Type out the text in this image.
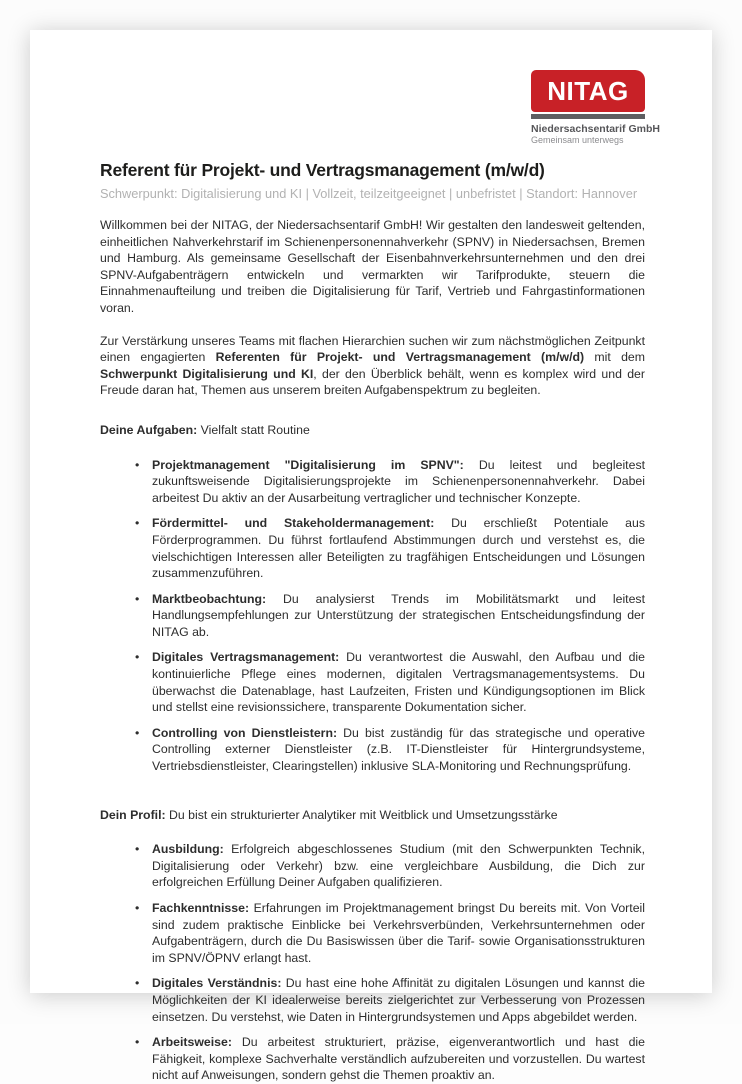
NITAG
Niedersachsentarif GmbH
Gemeinsam unterwegs
Referent für Projekt- und Vertragsmanagement (m/w/d)
Schwerpunkt: Digitalisierung und KI | Vollzeit, teilzeitgeeignet | unbefristet | Standort: Hannover

Willkommen bei der NITAG, der Niedersachsentarif GmbH! Wir gestalten den landesweit geltenden, einheitlichen Nahverkehrstarif im Schienenpersonennahverkehr (SPNV) in Niedersachsen, Bremen und Hamburg. Als gemeinsame Gesellschaft der Eisenbahnverkehrsunternehmen und den drei SPNV-Aufgabenträgern entwickeln und vermarkten wir Tarifprodukte, steuern die Einnahmenaufteilung und treiben die Digitalisierung für Tarif, Vertrieb und Fahrgastinformationen voran.

Zur Verstärkung unseres Teams mit flachen Hierarchien suchen wir zum nächstmöglichen Zeitpunkt einen engagierten Referenten für Projekt- und Vertragsmanagement (m/w/d) mit dem Schwerpunkt Digitalisierung und KI, der den Überblick behält, wenn es komplex wird und der Freude daran hat, Themen aus unserem breiten Aufgabenspektrum zu begleiten.

Deine Aufgaben: Vielfalt statt Routine
• Projektmanagement "Digitalisierung im SPNV": Du leitest und begleitest zukunftsweisende Digitalisierungsprojekte im Schienenpersonennahverkehr. Dabei arbeitest Du aktiv an der Ausarbeitung vertraglicher und technischer Konzepte.
• Fördermittel- und Stakeholdermanagement: Du erschließt Potentiale aus Förderprogrammen. Du führst fortlaufend Abstimmungen durch und verstehst es, die vielschichtigen Interessen aller Beteiligten zu tragfähigen Entscheidungen und Lösungen zusammenzuführen.
• Marktbeobachtung: Du analysierst Trends im Mobilitätsmarkt und leitest Handlungsempfehlungen zur Unterstützung der strategischen Entscheidungsfindung der NITAG ab.
• Digitales Vertragsmanagement: Du verantwortest die Auswahl, den Aufbau und die kontinuierliche Pflege eines modernen, digitalen Vertragsmanagementsystems. Du überwachst die Datenablage, hast Laufzeiten, Fristen und Kündigungsoptionen im Blick und stellst eine revisionssichere, transparente Dokumentation sicher.
• Controlling von Dienstleistern: Du bist zuständig für das strategische und operative Controlling externer Dienstleister (z.B. IT-Dienstleister für Hintergrundsysteme, Vertriebsdienstleister, Clearingstellen) inklusive SLA-Monitoring und Rechnungsprüfung.
Dein Profil: Du bist ein strukturierter Analytiker mit Weitblick und Umsetzungsstärke
• Ausbildung: Erfolgreich abgeschlossenes Studium (mit den Schwerpunkten Technik, Digitalisierung oder Verkehr) bzw. eine vergleichbare Ausbildung, die Dich zur erfolgreichen Erfüllung Deiner Aufgaben qualifizieren.
• Fachkenntnisse: Erfahrungen im Projektmanagement bringst Du bereits mit. Von Vorteil sind zudem praktische Einblicke bei Verkehrsverbünden, Verkehrsunternehmen oder Aufgabenträgern, durch die Du Basiswissen über die Tarif- sowie Organisationsstrukturen im SPNV/ÖPNV erlangt hast.
• Digitales Verständnis: Du hast eine hohe Affinität zu digitalen Lösungen und kannst die Möglichkeiten der KI idealerweise bereits zielgerichtet zur Verbesserung von Prozessen einsetzen. Du verstehst, wie Daten in Hintergrundsystemen und Apps abgebildet werden.
• Arbeitsweise: Du arbeitest strukturiert, präzise, eigenverantwortlich und hast die Fähigkeit, komplexe Sachverhalte verständlich aufzubereiten und vorzustellen. Du wartest nicht auf Anweisungen, sondern gehst die Themen proaktiv an.
